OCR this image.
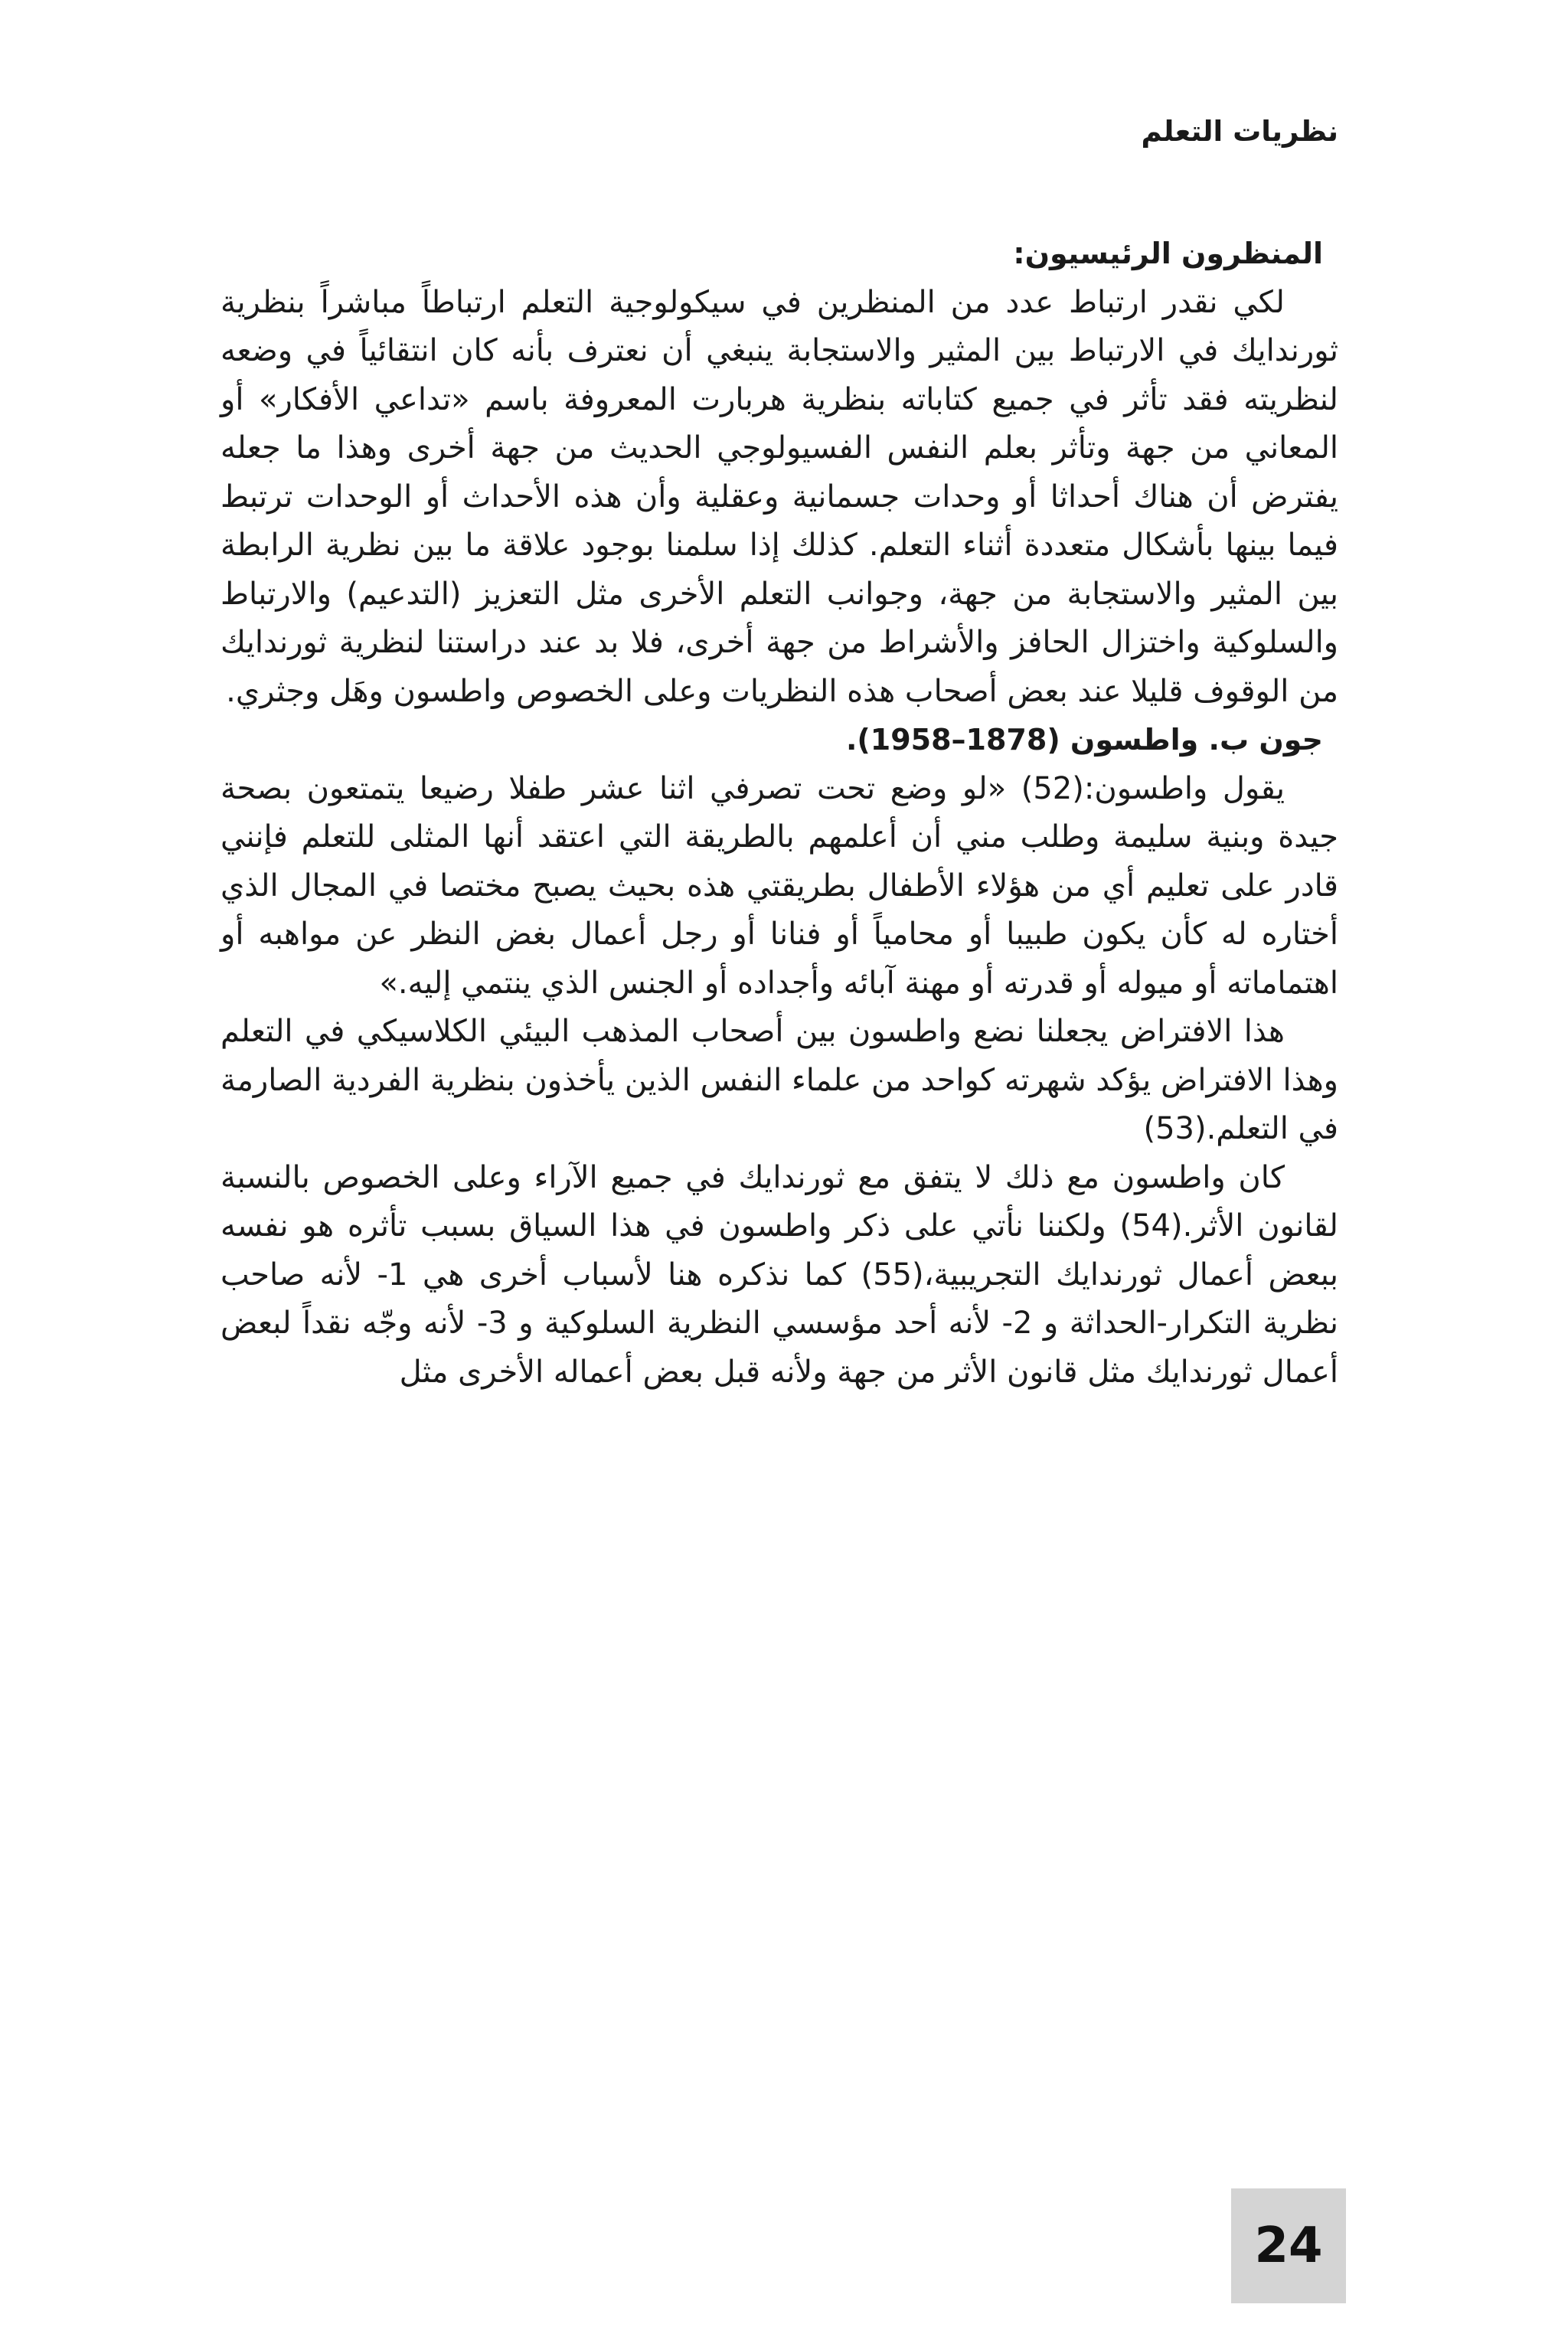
نظريات التعلم

المنظرون الرئيسيون:

لكي نقدر ارتباط عدد من المنظرين في سيكولوجية التعلم ارتباطاً مباشراً بنظرية ثورندايك في الارتباط بين المثير والاستجابة ينبغي أن نعترف بأنه كان انتقائياً في وضعه لنظريته فقد تأثر في جميع كتاباته بنظرية هربارت المعروفة باسم «تداعي الأفكار» أو المعاني من جهة وتأثر بعلم النفس الفسيولوجي الحديث من جهة أخرى وهذا ما جعله يفترض أن هناك أحداثا أو وحدات جسمانية وعقلية وأن هذه الأحداث أو الوحدات ترتبط فيما بينها بأشكال متعددة أثناء التعلم. كذلك إذا سلمنا بوجود علاقة ما بين نظرية الرابطة بين المثير والاستجابة من جهة، وجوانب التعلم الأخرى مثل التعزيز (التدعيم) والارتباط والسلوكية واختزال الحافز والأشراط من جهة أخرى، فلا بد عند دراستنا لنظرية ثورندايك من الوقوف قليلا عند بعض أصحاب هذه النظريات وعلى الخصوص واطسون وهَل وجثري.

جون ب. واطسون (1878–1958).

يقول واطسون:(52) «لو وضع تحت تصرفي اثنا عشر طفلا رضيعا يتمتعون بصحة جيدة وبنية سليمة وطلب مني أن أعلمهم بالطريقة التي اعتقد أنها المثلى للتعلم فإنني قادر على تعليم أي من هؤلاء الأطفال بطريقتي هذه بحيث يصبح مختصا في المجال الذي أختاره له كأن يكون طبيبا أو محامياً أو فنانا أو رجل أعمال بغض النظر عن مواهبه أو اهتماماته أو ميوله أو قدرته أو مهنة آبائه وأجداده أو الجنس الذي ينتمي إليه.»

هذا الافتراض يجعلنا نضع واطسون بين أصحاب المذهب البيئي الكلاسيكي في التعلم وهذا الافتراض يؤكد شهرته كواحد من علماء النفس الذين يأخذون بنظرية الفردية الصارمة في التعلم.(53)

كان واطسون مع ذلك لا يتفق مع ثورندايك في جميع الآراء وعلى الخصوص بالنسبة لقانون الأثر.(54) ولكننا نأتي على ذكر واطسون في هذا السياق بسبب تأثره هو نفسه ببعض أعمال ثورندايك التجريبية،(55) كما نذكره هنا لأسباب أخرى هي 1- لأنه صاحب نظرية التكرار-الحداثة و 2- لأنه أحد مؤسسي النظرية السلوكية و 3- لأنه وجّه نقداً لبعض أعمال ثورندايك مثل قانون الأثر من جهة ولأنه قبل بعض أعماله الأخرى مثل

24
